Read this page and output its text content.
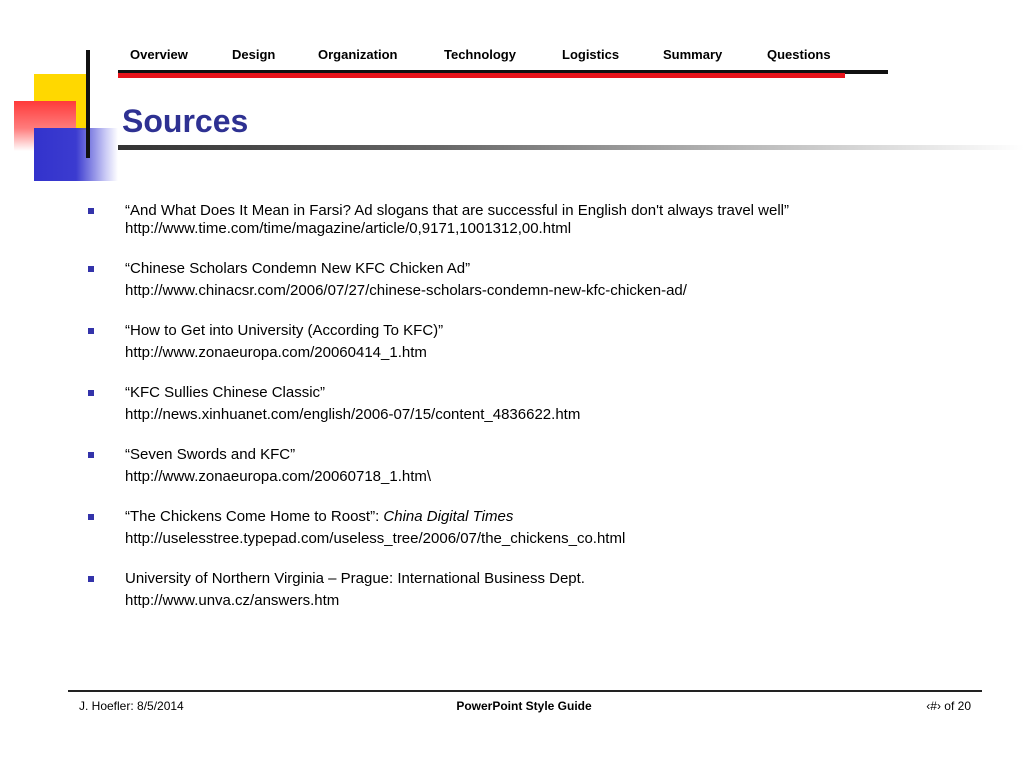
Overview	Design	Organization	Technology	Logistics	Summary	Questions
Sources
“And What Does It Mean in Farsi? Ad slogans that are successful in English don't always travel well”
http://www.time.com/time/magazine/article/0,9171,1001312,00.html
“Chinese Scholars Condemn New KFC Chicken Ad”
http://www.chinacsr.com/2006/07/27/chinese-scholars-condemn-new-kfc-chicken-ad/
“How to Get into University (According To KFC)”
http://www.zonaeuropa.com/20060414_1.htm
“KFC Sullies Chinese Classic”
http://news.xinhuanet.com/english/2006-07/15/content_4836622.htm
“Seven Swords and KFC”
http://www.zonaeuropa.com/20060718_1.htm\
“The Chickens Come Home to Roost”: China Digital Times
http://uselesstree.typepad.com/useless_tree/2006/07/the_chickens_co.html
University of Northern Virginia – Prague: International Business Dept.
http://www.unva.cz/answers.htm
J. Hoefler: 8/5/2014	PowerPoint Style Guide	‹#› of 20
